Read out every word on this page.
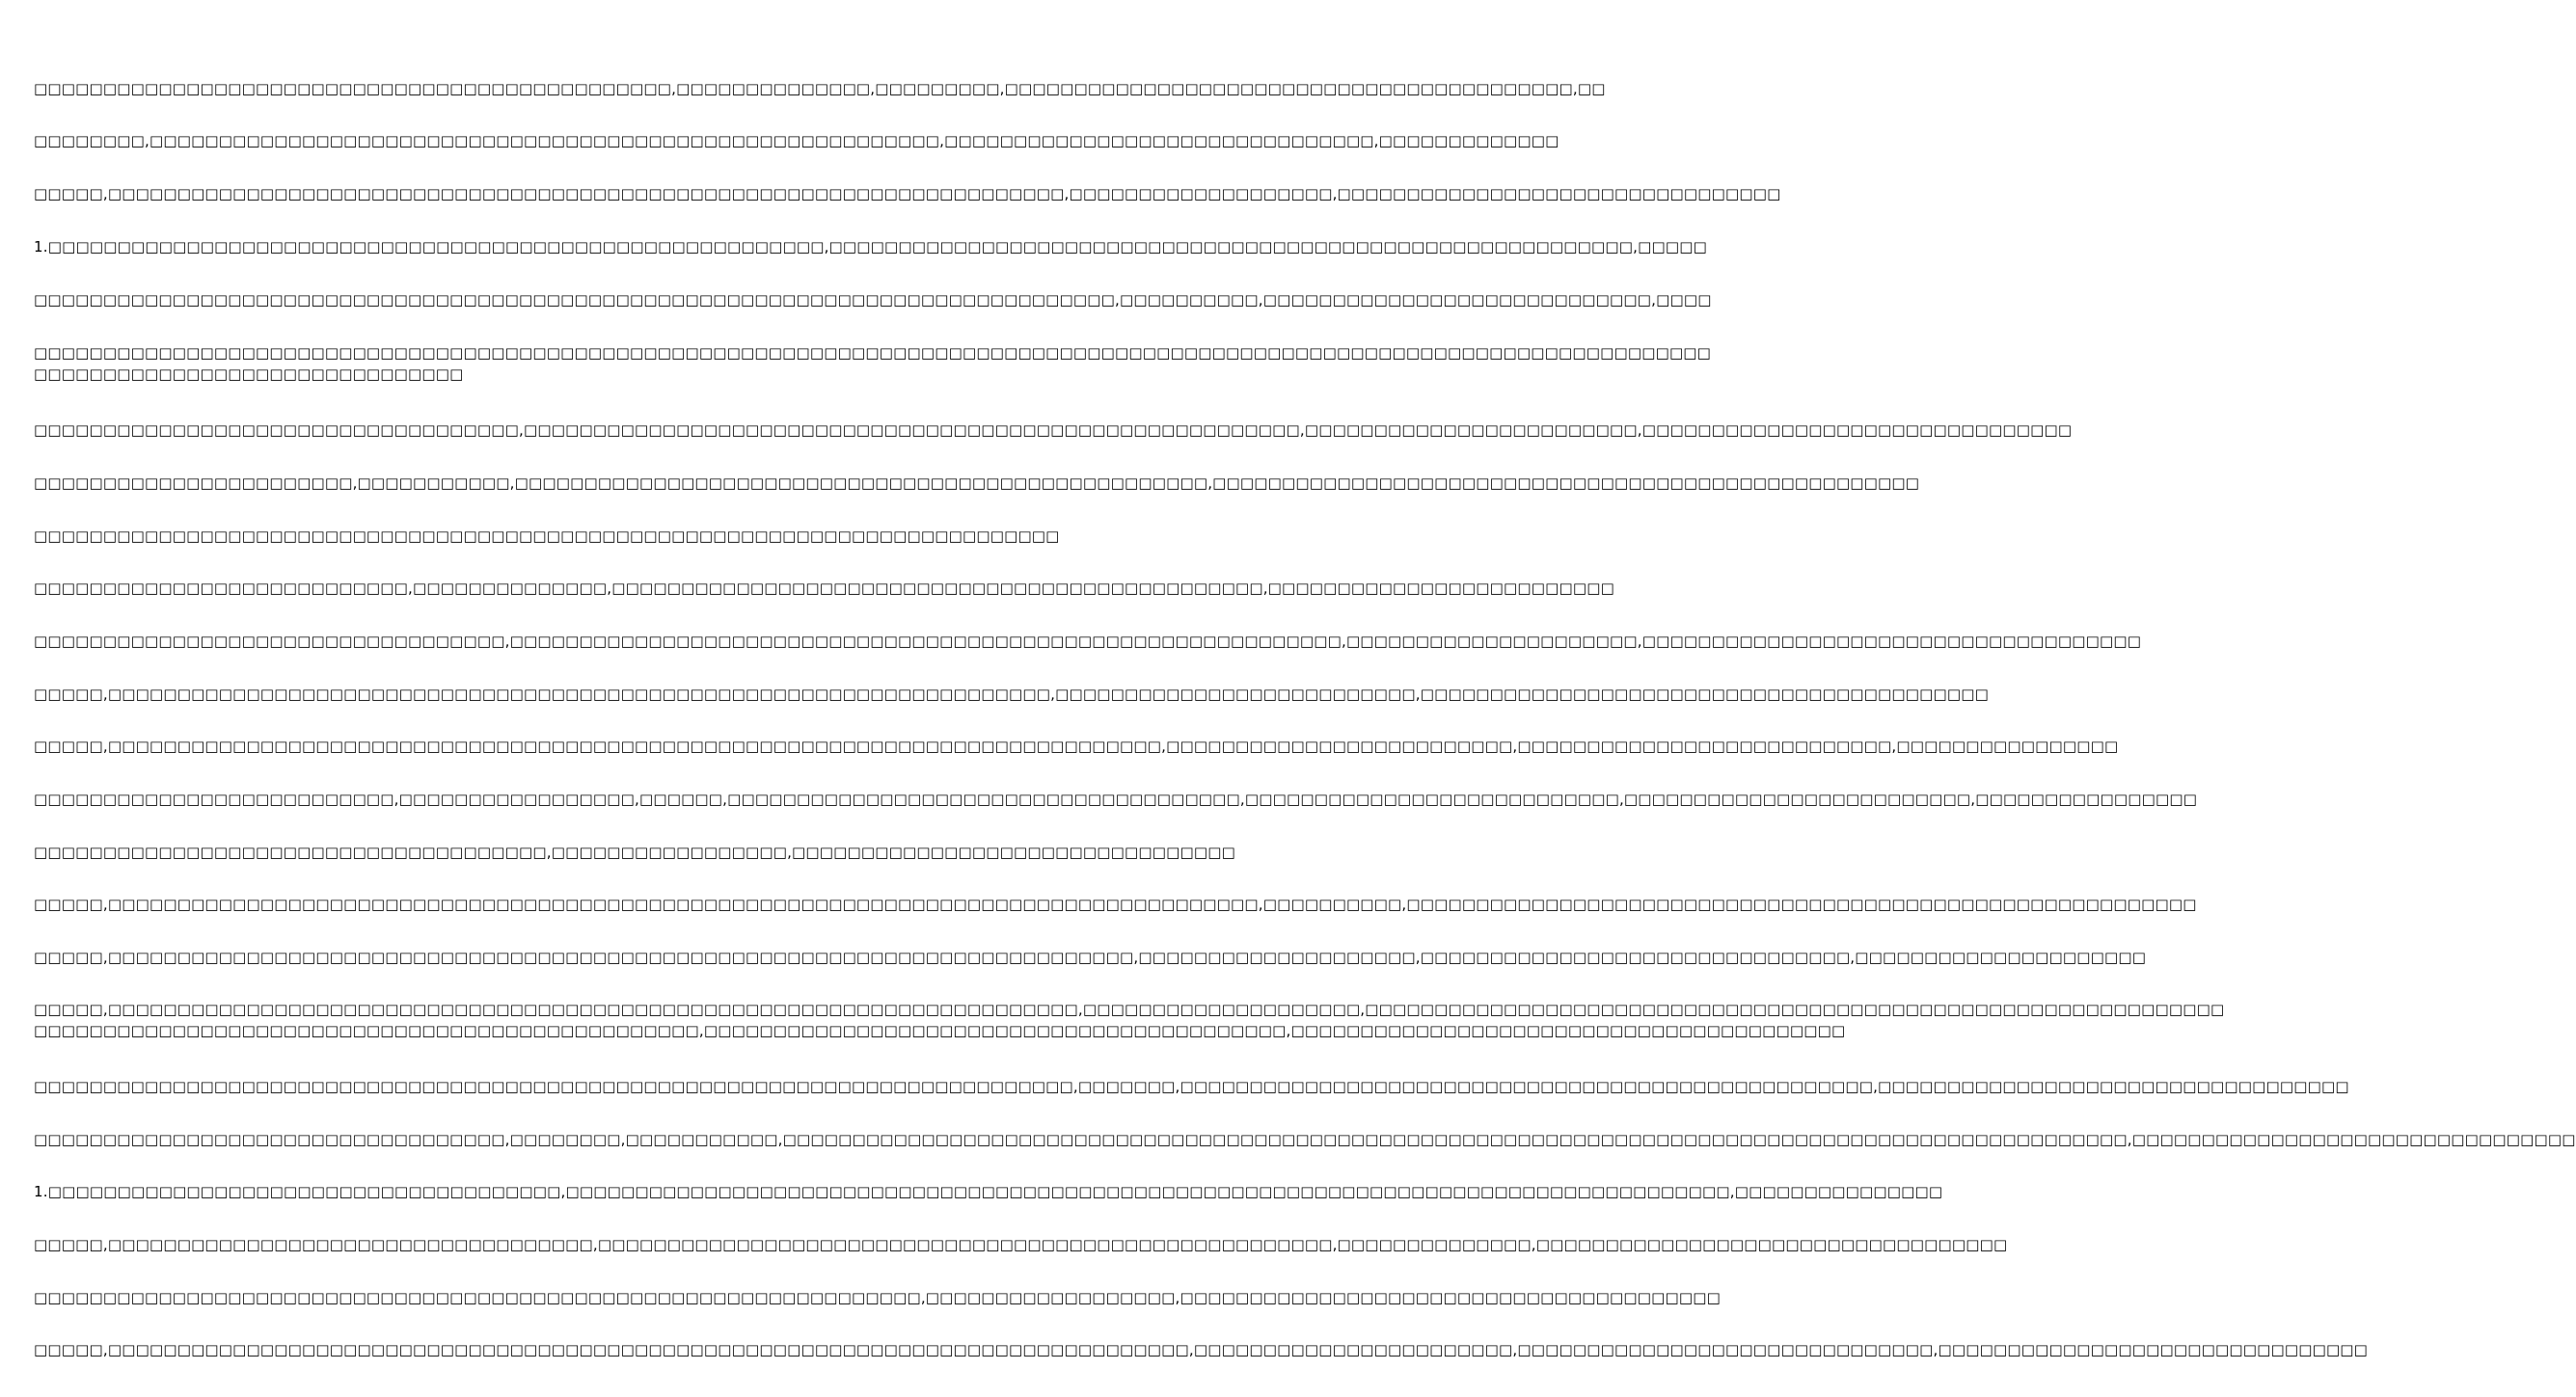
□□□□□□□□□□□□□□□□□□□□□□□□□□□□□□□□□□□□□□□□□□□□□□,□□□□□□□□□□□□□□,□□□□□□□□□,□□□□□□□□□□□□□□□□□□□□□□□□□□□□□□□□□□□□□□□□□,□□

□□□□□□□□,□□□□□□□□□□□□□□□□□□□□□□□□□□□□□□□□□□□□□□□□□□□□□□□□□□□□□□□□□,□□□□□□□□□□□□□□□□□□□□□□□□□□□□□□□,□□□□□□□□□□□□□

□□□□□,□□□□□□□□□□□□□□□□□□□□□□□□□□□□□□□□□□□□□□□□□□□□□□□□□□□□□□□□□□□□□□□□□□□□□,□□□□□□□□□□□□□□□□□□□,□□□□□□□□□□□□□□□□□□□□□□□□□□□□□□□□

1.□□□□□□□□□□□□□□□□□□□□□□□□□□□□□□□□□□□□□□□□□□□□□□□□□□□□□□□□,□□□□□□□□□□□□□□□□□□□□□□□□□□□□□□□□□□□□□□□□□□□□□□□□□□□□□□□□□□,□□□□□

□□□□□□□□□□□□□□□□□□□□□□□□□□□□□□□□□□□□□□□□□□□□□□□□□□□□□□□□□□□□□□□□□□□□□□□□□□□□□□,□□□□□□□□□□,□□□□□□□□□□□□□□□□□□□□□□□□□□□□,□□□□

□□□□□□□□□□□□□□□□□□□□□□□□□□□□□□□□□□□□□□□□□□□□□□□□□□□□□□□□□□□□□□□□□□□□□□□□□□□□□□□□□□□□□□□□□□□□□□□□□□□□□□□□□□□□□□□□□□□□□□□□□
□□□□□□□□□□□□□□□□□□□□□□□□□□□□□□□

□□□□□□□□□□□□□□□□□□□□□□□□□□□□□□□□□□□,□□□□□□□□□□□□□□□□□□□□□□□□□□□□□□□□□□□□□□□□□□□□□□□□□□□□□□□□,□□□□□□□□□□□□□□□□□□□□□□□□,□□□□□□□□□□□□□□□□□□□□□□□□□□□□□□□

□□□□□□□□□□□□□□□□□□□□□□□,□□□□□□□□□□□,□□□□□□□□□□□□□□□□□□□□□□□□□□□□□□□□□□□□□□□□□□□□□□□□□□,□□□□□□□□□□□□□□□□□□□□□□□□□□□□□□□□□□□□□□□□□□□□□□□□□□□

□□□□□□□□□□□□□□□□□□□□□□□□□□□□□□□□□□□□□□□□□□□□□□□□□□□□□□□□□□□□□□□□□□□□□□□□□□

□□□□□□□□□□□□□□□□□□□□□□□□□□□,□□□□□□□□□□□□□□,□□□□□□□□□□□□□□□□□□□□□□□□□□□□□□□□□□□□□□□□□□□□□□□,□□□□□□□□□□□□□□□□□□□□□□□□□

□□□□□□□□□□□□□□□□□□□□□□□□□□□□□□□□□□,□□□□□□□□□□□□□□□□□□□□□□□□□□□□□□□□□□□□□□□□□□□□□□□□□□□□□□□□□□□□,□□□□□□□□□□□□□□□□□□□□□,□□□□□□□□□□□□□□□□□□□□□□□□□□□□□□□□□□□□

□□□□□,□□□□□□□□□□□□□□□□□□□□□□□□□□□□□□□□□□□□□□□□□□□□□□□□□□□□□□□□□□□□□□□□□□□□,□□□□□□□□□□□□□□□□□□□□□□□□□□,□□□□□□□□□□□□□□□□□□□□□□□□□□□□□□□□□□□□□□□□□

□□□□□,□□□□□□□□□□□□□□□□□□□□□□□□□□□□□□□□□□□□□□□□□□□□□□□□□□□□□□□□□□□□□□□□□□□□□□□□□□□□,□□□□□□□□□□□□□□□□□□□□□□□□□,□□□□□□□□□□□□□□□□□□□□□□□□□□□,□□□□□□□□□□□□□□□□

□□□□□□□□□□□□□□□□□□□□□□□□□□,□□□□□□□□□□□□□□□□□,□□□□□□,□□□□□□□□□□□□□□□□□□□□□□□□□□□□□□□□□□□□□,□□□□□□□□□□□□□□□□□□□□□□□□□□□,□□□□□□□□□□□□□□□□□□□□□□□□□,□□□□□□□□□□□□□□□□

□□□□□□□□□□□□□□□□□□□□□□□□□□□□□□□□□□□□□,□□□□□□□□□□□□□□□□□,□□□□□□□□□□□□□□□□□□□□□□□□□□□□□□□□

□□□□□,□□□□□□□□□□□□□□□□□□□□□□□□□□□□□□□□□□□□□□□□□□□□□□□□□□□□□□□□□□□□□□□□□□□□□□□□□□□□□□□□□□□,□□□□□□□□□□,□□□□□□□□□□□□□□□□□□□□□□□□□□□□□□□□□□□□□□□□□□□□□□□□□□□□□□□□□

□□□□□,□□□□□□□□□□□□□□□□□□□□□□□□□□□□□□□□□□□□□□□□□□□□□□□□□□□□□□□□□□□□□□□□□□□□□□□□□□,□□□□□□□□□□□□□□□□□□□□,□□□□□□□□□□□□□□□□□□□□□□□□□□□□□□□,□□□□□□□□□□□□□□□□□□□□□

□□□□□,□□□□□□□□□□□□□□□□□□□□□□□□□□□□□□□□□□□□□□□□□□□□□□□□□□□□□□□□□□□□□□□□□□□□□□,□□□□□□□□□□□□□□□□□□□□,□□□□□□□□□□□□□□□□□□□□□□□□□□□□□□□□□□□□□□□□□□□□□□□□□□□□□□□□□□□□□□
□□□□□□□□□□□□□□□□□□□□□□□□□□□□□□□□□□□□□□□□□□□□□□□□,□□□□□□□□□□□□□□□□□□□□□□□□□□□□□□□□□□□□□□□□□□,□□□□□□□□□□□□□□□□□□□□□□□□□□□□□□□□□□□□□□□□

□□□□□□□□□□□□□□□□□□□□□□□□□□□□□□□□□□□□□□□□□□□□□□□□□□□□□□□□□□□□□□□□□□□□□□□□□□□,□□□□□□□,□□□□□□□□□□□□□□□□□□□□□□□□□□□□□□□□□□□□□□□□□□□□□□□□□□,□□□□□□□□□□□□□□□□□□□□□□□□□□□□□□□□□□

□□□□□□□□□□□□□□□□□□□□□□□□□□□□□□□□□□,□□□□□□□□,□□□□□□□□□□□,□□□□□□□□□□□□□□□□□□□□□□□□□□□□□□□□□□□□□□□□□□□□□□□□□□□□□□□□□□□□□□□□□□□□□□□□□□□□□□□□□□□□□□□□□□□□□□□□□,□□□□□□□□□□□□□□□□□□□□□□□□□□□□□□□□

1.□□□□□□□□□□□□□□□□□□□□□□□□□□□□□□□□□□□□□,□□□□□□□□□□□□□□□□□□□□□□□□□□□□□□□□□□□□□□□□□□□□□□□□□□□□□□□□□□□□□□□□□□□□□□□□□□□□□□□□□□□□,□□□□□□□□□□□□□□□

□□□□□,□□□□□□□□□□□□□□□□□□□□□□□□□□□□□□□□□□□,□□□□□□□□□□□□□□□□□□□□□□□□□□□□□□□□□□□□□□□□□□□□□□□□□□□□□,□□□□□□□□□□□□□□,□□□□□□□□□□□□□□□□□□□□□□□□□□□□□□□□□□

□□□□□□□□□□□□□□□□□□□□□□□□□□□□□□□□□□□□□□□□□□□□□□□□□□□□□□□□□□□□□□□□,□□□□□□□□□□□□□□□□□□,□□□□□□□□□□□□□□□□□□□□□□□□□□□□□□□□□□□□□□□

□□□□□,□□□□□□□□□□□□□□□□□□□□□□□□□□□□□□□□□□□□□□□□□□□□□□□□□□□□□□□□□□□□□□□□□□□□□□□□□□□□□□,□□□□□□□□□□□□□□□□□□□□□□□,□□□□□□□□□□□□□□□□□□□□□□□□□□□□□□,□□□□□□□□□□□□□□□□□□□□□□□□□□□□□□□
